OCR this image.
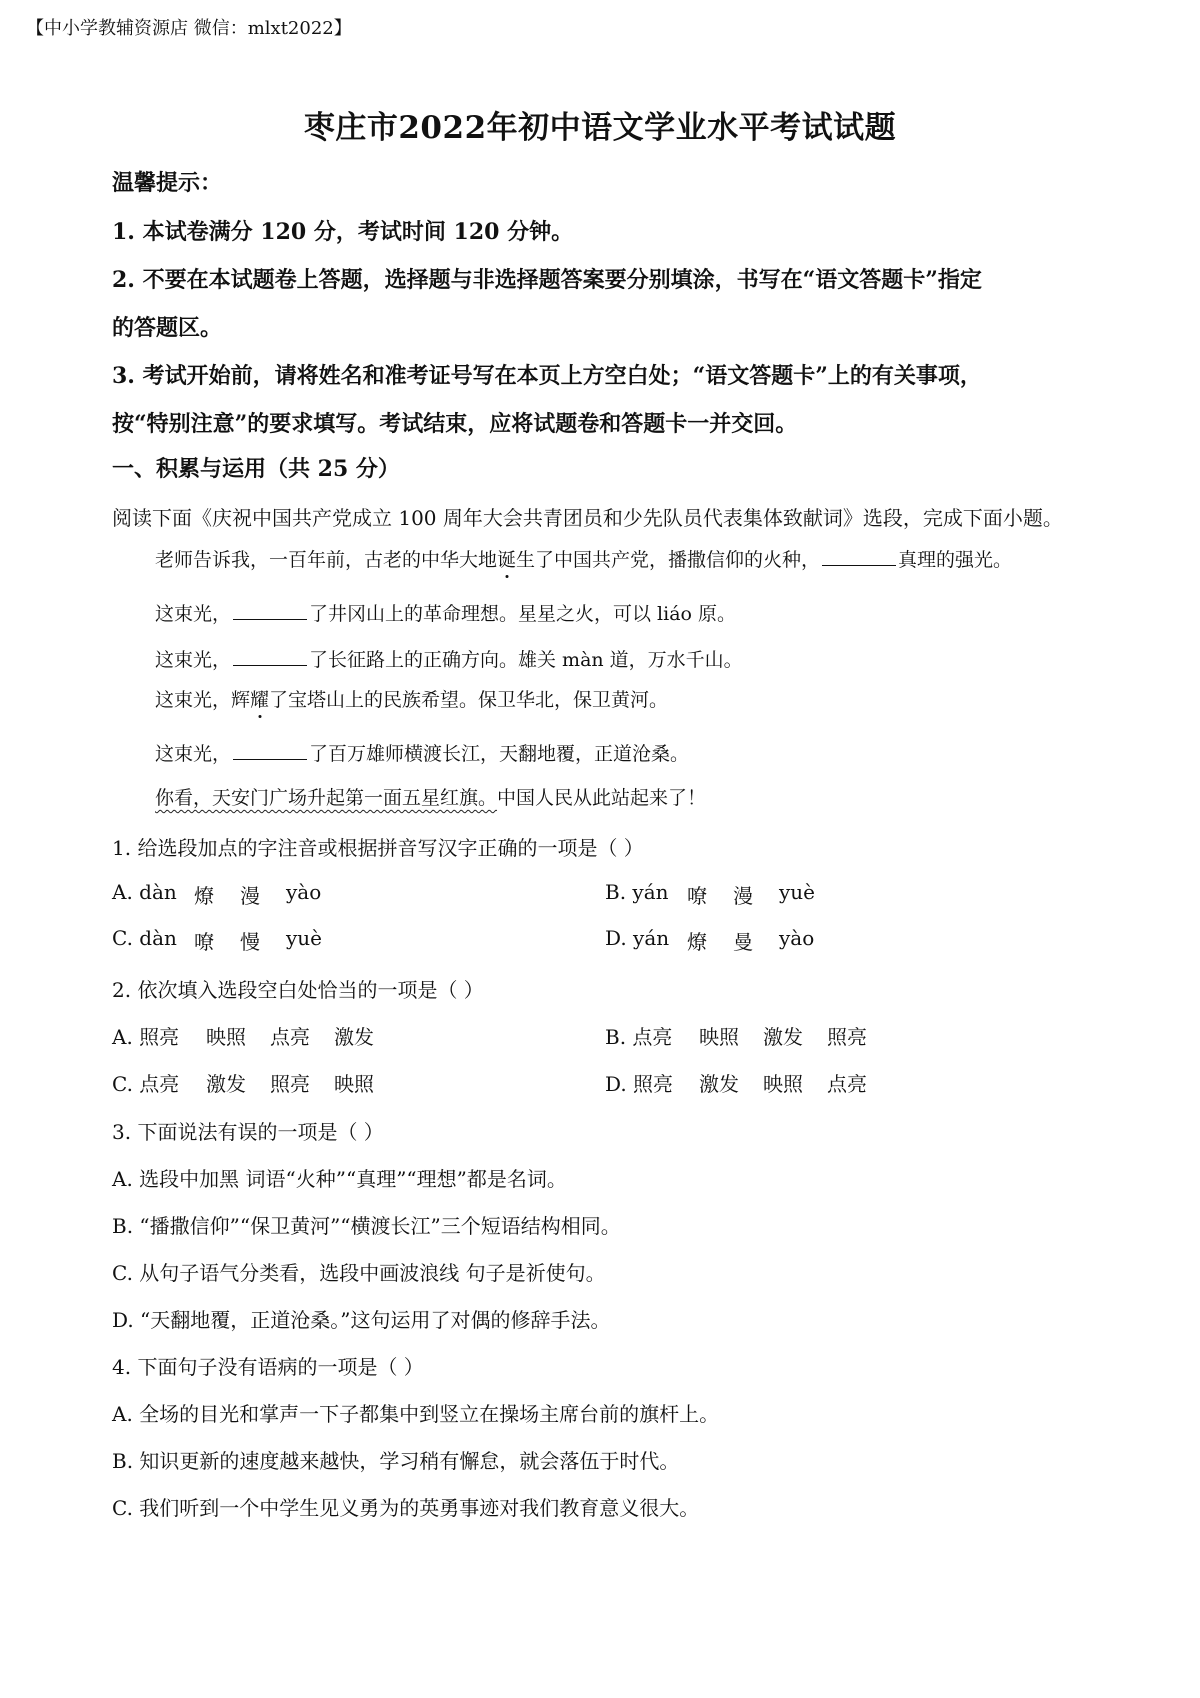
【中小学教辅资源店 微信：mlxt2022】
枣庄市2022年初中语文学业水平考试试题
温馨提示：
1. 本试卷满分 120 分，考试时间 120 分钟。
2. 不要在本试题卷上答题，选择题与非选择题答案要分别填涂，书写在“语文答题卡”指定
的答题区。
3. 考试开始前，请将姓名和准考证号写在本页上方空白处；“语文答题卡”上的有关事项，
按“特别注意”的要求填写。考试结束，应将试题卷和答题卡一并交回。
一、积累与运用（共 25 分）
阅读下面《庆祝中国共产党成立 100 周年大会共青团员和少先队员代表集体致献词》选段，完成下面小题。
老师告诉我，一百年前，古老的中华大地诞生了中国共产党，播撒信仰的火种，	真理的强光。
这束光，	了井冈山上的革命理想。星星之火，可以 liáo 原。
这束光，	了长征路上的正确方向。雄关 màn 道，万水千山。
这束光，辉耀了宝塔山上的民族希望。保卫华北，保卫黄河。
这束光，	了百万雄师横渡长江，天翻地覆，正道沧桑。
你看，天安门广场升起第一面五星红旗。中国人民从此站起来了！
1. 给选段加点的字注音或根据拼音写汉字正确的一项是（ ）
A. dàn 燎 漫 yào	B. yán 嘹 漫 yuè
C. dàn 嘹 慢 yuè	D. yán 燎 曼 yào
2. 依次填入选段空白处恰当的一项是（ ）
A. 照亮 映照 点亮 激发	B. 点亮 映照 激发 照亮
C. 点亮 激发 照亮 映照	D. 照亮 激发 映照 点亮
3. 下面说法有误的一项是（ ）
A. 选段中加黑 词语“火种”“真理”“理想”都是名词。
B. “播撒信仰”“保卫黄河”“横渡长江”三个短语结构相同。
C. 从句子语气分类看，选段中画波浪线 句子是祈使句。
D. “天翻地覆，正道沧桑。”这句运用了对偶的修辞手法。
4. 下面句子没有语病的一项是（ ）
A. 全场的目光和掌声一下子都集中到竖立在操场主席台前的旗杆上。
B. 知识更新的速度越来越快，学习稍有懈怠，就会落伍于时代。
C. 我们听到一个中学生见义勇为的英勇事迹对我们教育意义很大。
